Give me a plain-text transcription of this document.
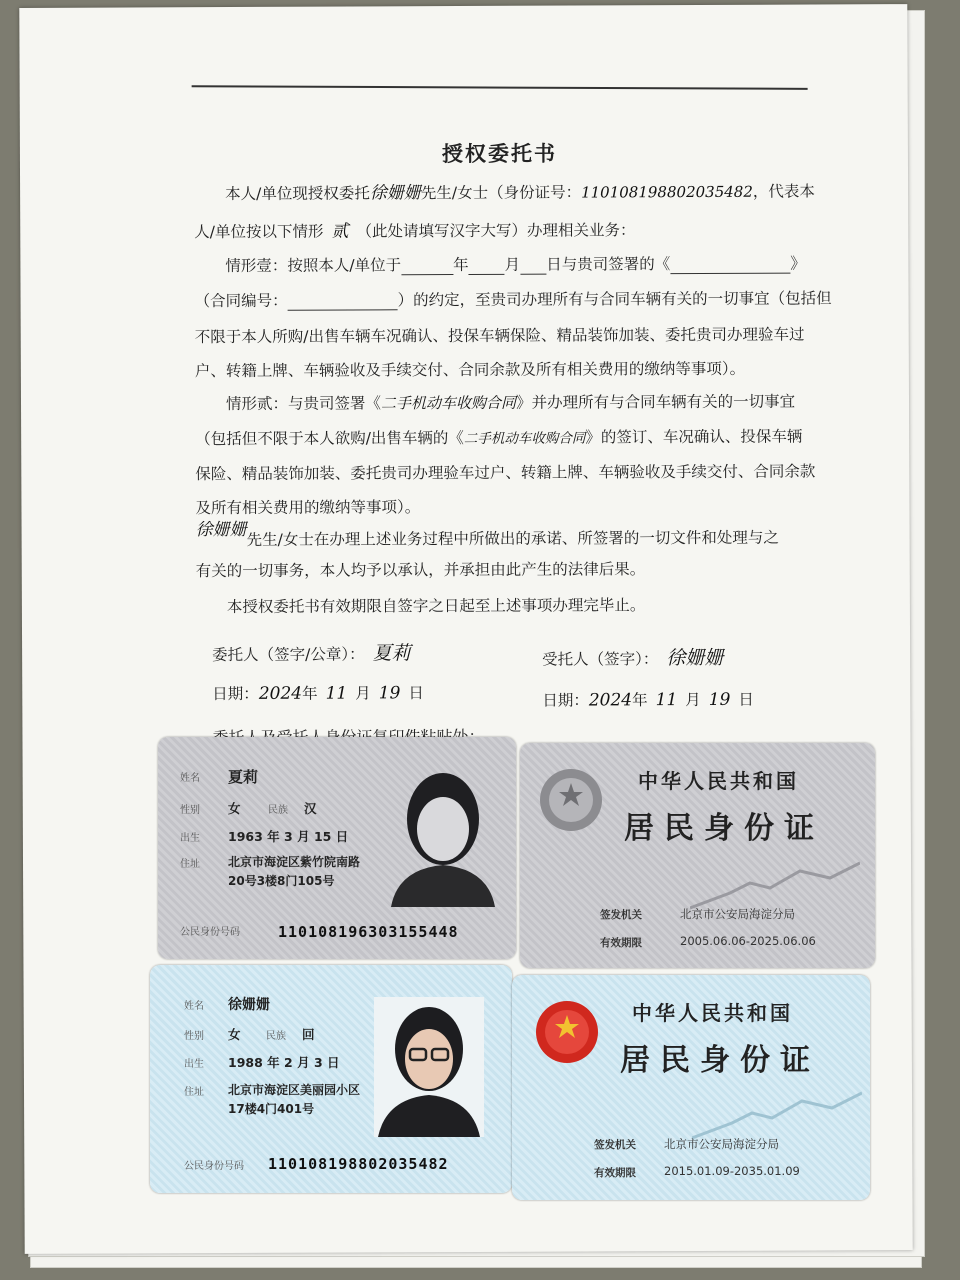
授权委托书
本人/单位现授权委托徐姗姗先生/女士（身份证号：110108198802035482，代表本
人/单位按以下情形 贰 （此处请填写汉字大写）办理相关业务：
情形壹：按照本人/单位于	年 月 日与贵司签署的《	》
（合同编号：	）的约定，至贵司办理所有与合同车辆有关的一切事宜（包括但
不限于本人所购/出售车辆车况确认、投保车辆保险、精品装饰加装、委托贵司办理验车过
户、转籍上牌、车辆验收及手续交付、合同余款及所有相关费用的缴纳等事项）。
情形贰：与贵司签署《二手机动车收购合同》并办理所有与合同车辆有关的一切事宜
（包括但不限于本人欲购/出售车辆的《二手机动车收购合同》的签订、车况确认、投保车辆
保险、精品装饰加装、委托贵司办理验车过户、转籍上牌、车辆验收及手续交付、合同余款
及所有相关费用的缴纳等事项）。
徐姗姗先生/女士在办理上述业务过程中所做出的承诺、所签署的一切文件和处理与之
有关的一切事务，本人均予以承认，并承担由此产生的法律后果。
本授权委托书有效期限自签字之日起至上述事项办理完毕止。
委托人（签字/公章）： 夏莉	受托人（签字）： 徐姗姗
日期：2024年 11 月 19 日	日期：2024年 11 月 19 日
姓名 夏莉
性别 女	民族 汉
出生 1963 年 3 月 15 日
住址 北京市海淀区紫竹院南路
20号3楼8门105号
公民身份号码	110108196303155448
中华人民共和国
居民身份证
签发机关	北京市公安局海淀分局
有效期限	2005.06.06-2025.06.06
姓名 徐姗姗
性别 女	民族 回
出生 1988 年 2 月 3 日
住址 北京市海淀区美丽园小区
17楼4门401号
公民身份号码 110108198802035482
中华人民共和国
居民身份证
签发机关 北京市公安局海淀分局
有效期限 2015.01.09-2035.01.09
